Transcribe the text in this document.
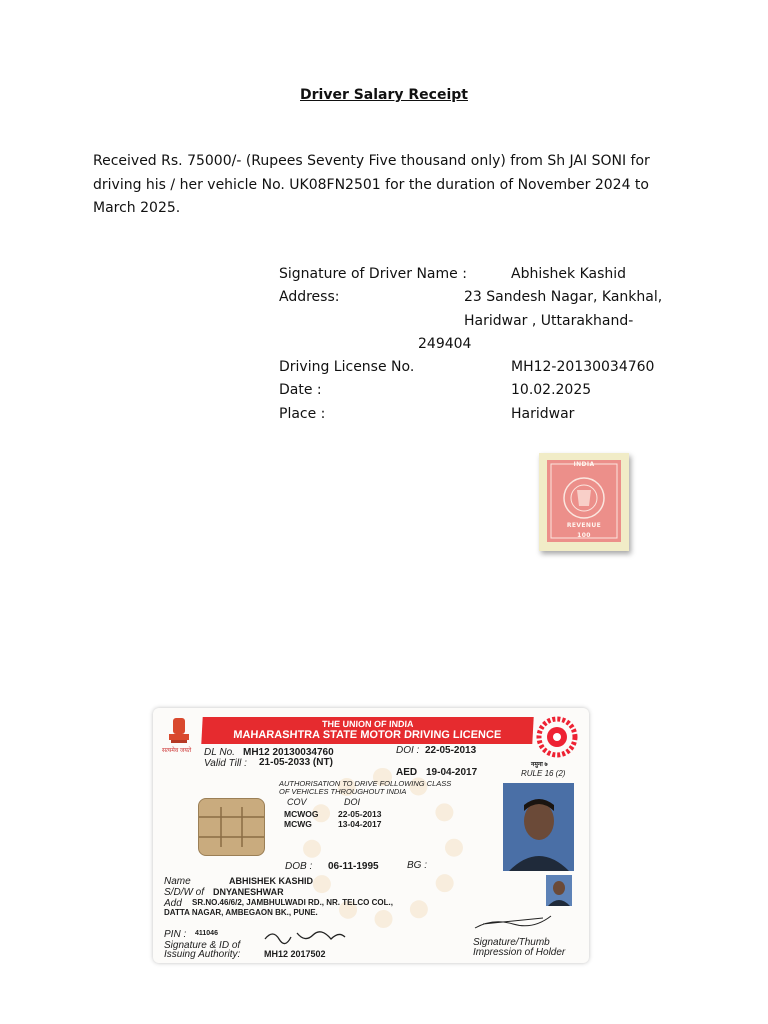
Driver Salary Receipt
Received Rs. 75000/- (Rupees Seventy Five thousand only) from Sh JAI SONI for
driving his / her vehicle No. UK08FN2501 for the duration of November 2024 to
March 2025.
Signature of Driver Name :	Abhishek Kashid
Address:	23 Sandesh Nagar, Kankhal,
Haridwar , Uttarakhand-
249404
Driving License No.	MH12-20130034760
Date :	10.02.2025
Place :	Haridwar
INDIA
REVENUE
100
सत्यमेव जयते
THE UNION OF INDIA
MAHARASHTRA STATE MOTOR DRIVING LICENCE
DL No. MH12 20130034760	DOI : 22-05-2013
Valid Till : 21-05-2033 (NT)
AED 19-04-2017
नमुना ७
RULE 16 (2)
AUTHORISATION TO DRIVE FOLLOWING CLASS
OF VEHICLES THROUGHOUT INDIA
COV	DOI
MCWOG 22-05-2013
MCWG	13-04-2017
DOB : 06-11-1995	BG :
Name	ABHISHEK KASHID
S/D/W of DNYANESHWAR
Add SR.NO.46/6/2, JAMBHULWADI RD., NR. TELCO COL.,
DATTA NAGAR, AMBEGAON BK., PUNE.
PIN : 411046
Signature & ID of
Issuing Authority:	MH12 2017502
Signature/Thumb
Impression of Holder
